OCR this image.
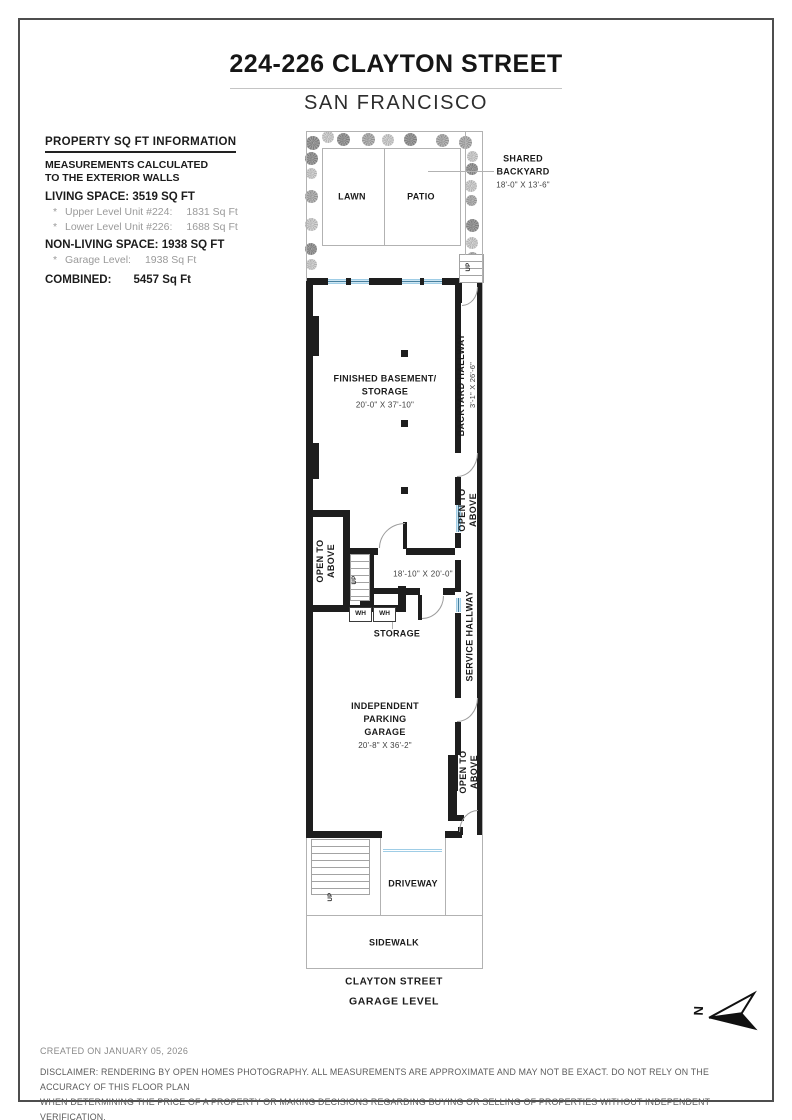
224-226 CLAYTON STREET
SAN FRANCISCO
PROPERTY SQ FT INFORMATION
MEASUREMENTS CALCULATED
TO THE EXTERIOR WALLS
LIVING SPACE: 3519 SQ FT
* Upper Level Unit #224: 1831 Sq Ft
* Lower Level Unit #226: 1688 Sq Ft
NON-LIVING SPACE: 1938 SQ FT
* Garage Level: 1938 Sq Ft
COMBINED: 5457 Sq Ft
LAWN	PATIO
SHARED
BACKYARD
18'-0" X 13'-6"
BACKYARD HALLWAY 3'-1" X 26'-6"
FINISHED BASEMENT/
STORAGE
20'-0" X 37'-10"
18'-10" X 20'-0"
OPEN TO ABOVE
OPEN TO ABOVE
OPEN TO ABOVE
SERVICE HALLWAY
STORAGE
WH	WH
INDEPENDENT
PARKING
GARAGE
20'-8" X 36'-2"
DRIVEWAY
SIDEWALK
CLAYTON STREET
GARAGE LEVEL
UP
UP
UP
N
CREATED ON JANUARY 05, 2026
DISCLAIMER: RENDERING BY OPEN HOMES PHOTOGRAPHY. ALL MEASUREMENTS ARE APPROXIMATE AND MAY NOT BE EXACT. DO NOT RELY ON THE ACCURACY OF THIS FLOOR PLAN
WHEN DETERMINING THE PRICE OF A PROPERTY OR MAKING DECISIONS REGARDING BUYING OR SELLING OF PROPERTIES WITHOUT INDEPENDENT VERIFICATION.
